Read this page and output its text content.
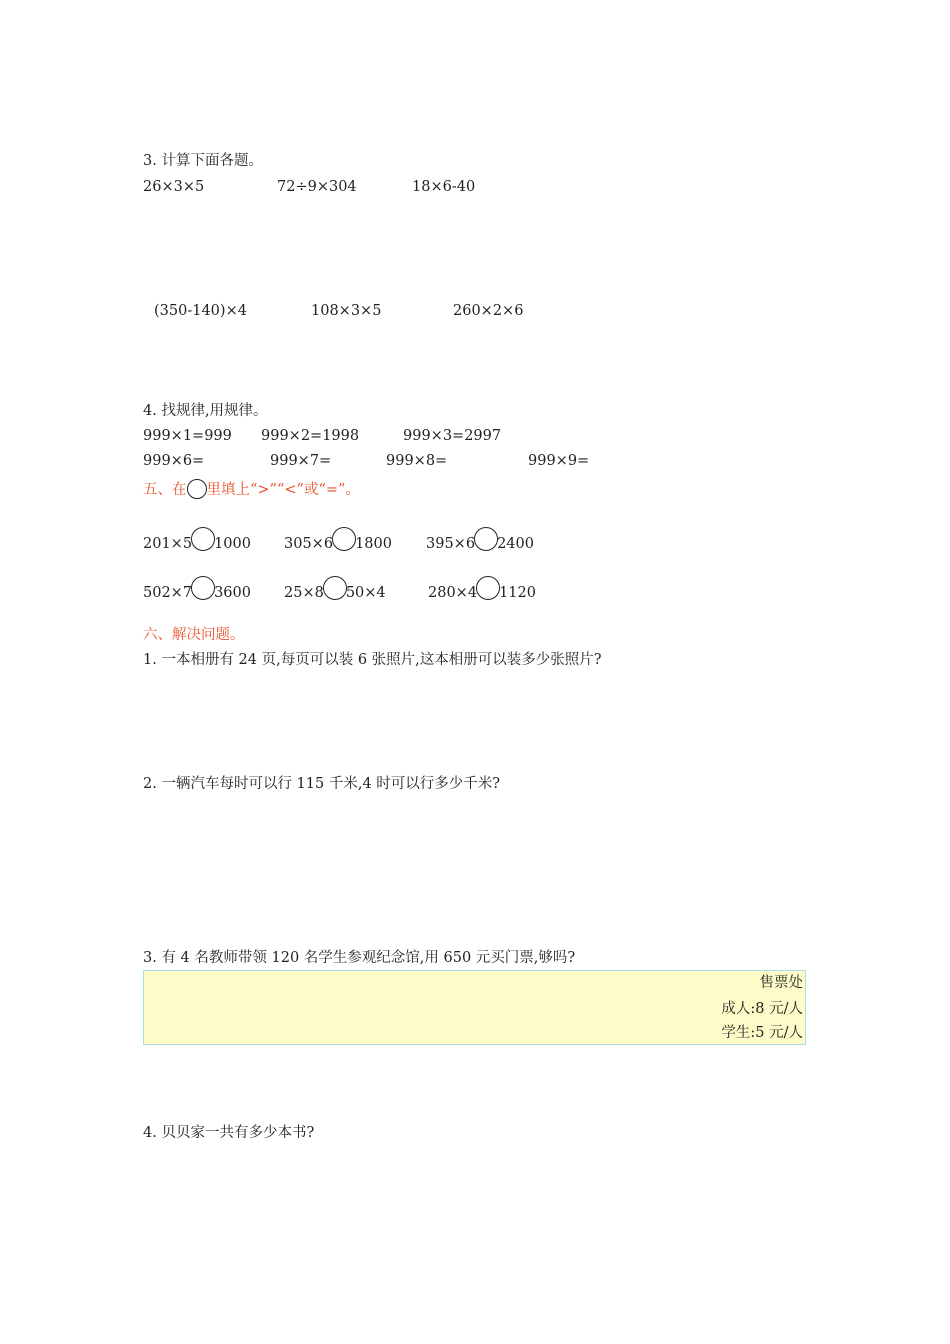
3. 计算下面各题。
26×3×5	72÷9×304	18×6-40
(350-140)×4	108×3×5	260×2×6
4. 找规律,用规律。
999×1=999 999×2=1998	999×3=2997
999×6=	999×7=	999×8=	999×9=
五、在 里填上“>”“<”或“=”。
201×5 1000 305×6 1800 395×6 2400
502×7 3600 25×8 50×4	280×4 1120
六、解决问题。
1. 一本相册有 24 页,每页可以装 6 张照片,这本相册可以装多少张照片?
2. 一辆汽车每时可以行 115 千米,4 时可以行多少千米?
3. 有 4 名教师带领 120 名学生参观纪念馆,用 650 元买门票,够吗?
售票处
成人:8 元/人
学生:5 元/人
4. 贝贝家一共有多少本书?
